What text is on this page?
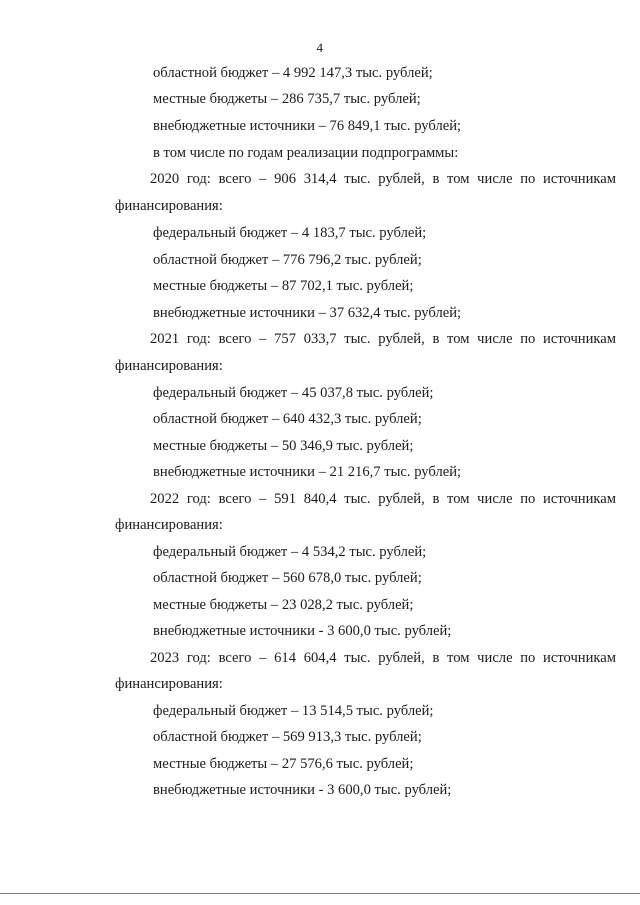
4
областной бюджет – 4 992 147,3 тыс. рублей;
местные бюджеты – 286 735,7 тыс. рублей;
внебюджетные источники – 76 849,1 тыс. рублей;
в том числе по годам реализации подпрограммы:
2020 год: всего – 906 314,4 тыс. рублей, в том числе по источникам
финансирования:
федеральный бюджет – 4 183,7 тыс. рублей;
областной бюджет – 776 796,2 тыс. рублей;
местные бюджеты – 87 702,1 тыс. рублей;
внебюджетные источники – 37 632,4 тыс. рублей;
2021 год: всего – 757 033,7 тыс. рублей, в том числе по источникам
финансирования:
федеральный бюджет – 45 037,8 тыс. рублей;
областной бюджет – 640 432,3 тыс. рублей;
местные бюджеты – 50 346,9 тыс. рублей;
внебюджетные источники – 21 216,7 тыс. рублей;
2022 год: всего – 591 840,4 тыс. рублей, в том числе по источникам
финансирования:
федеральный бюджет – 4 534,2 тыс. рублей;
областной бюджет – 560 678,0 тыс. рублей;
местные бюджеты – 23 028,2 тыс. рублей;
внебюджетные источники - 3 600,0 тыс. рублей;
2023 год: всего – 614 604,4 тыс. рублей, в том числе по источникам
финансирования:
федеральный бюджет – 13 514,5 тыс. рублей;
областной бюджет – 569 913,3 тыс. рублей;
местные бюджеты – 27 576,6 тыс. рублей;
внебюджетные источники - 3 600,0 тыс. рублей;
